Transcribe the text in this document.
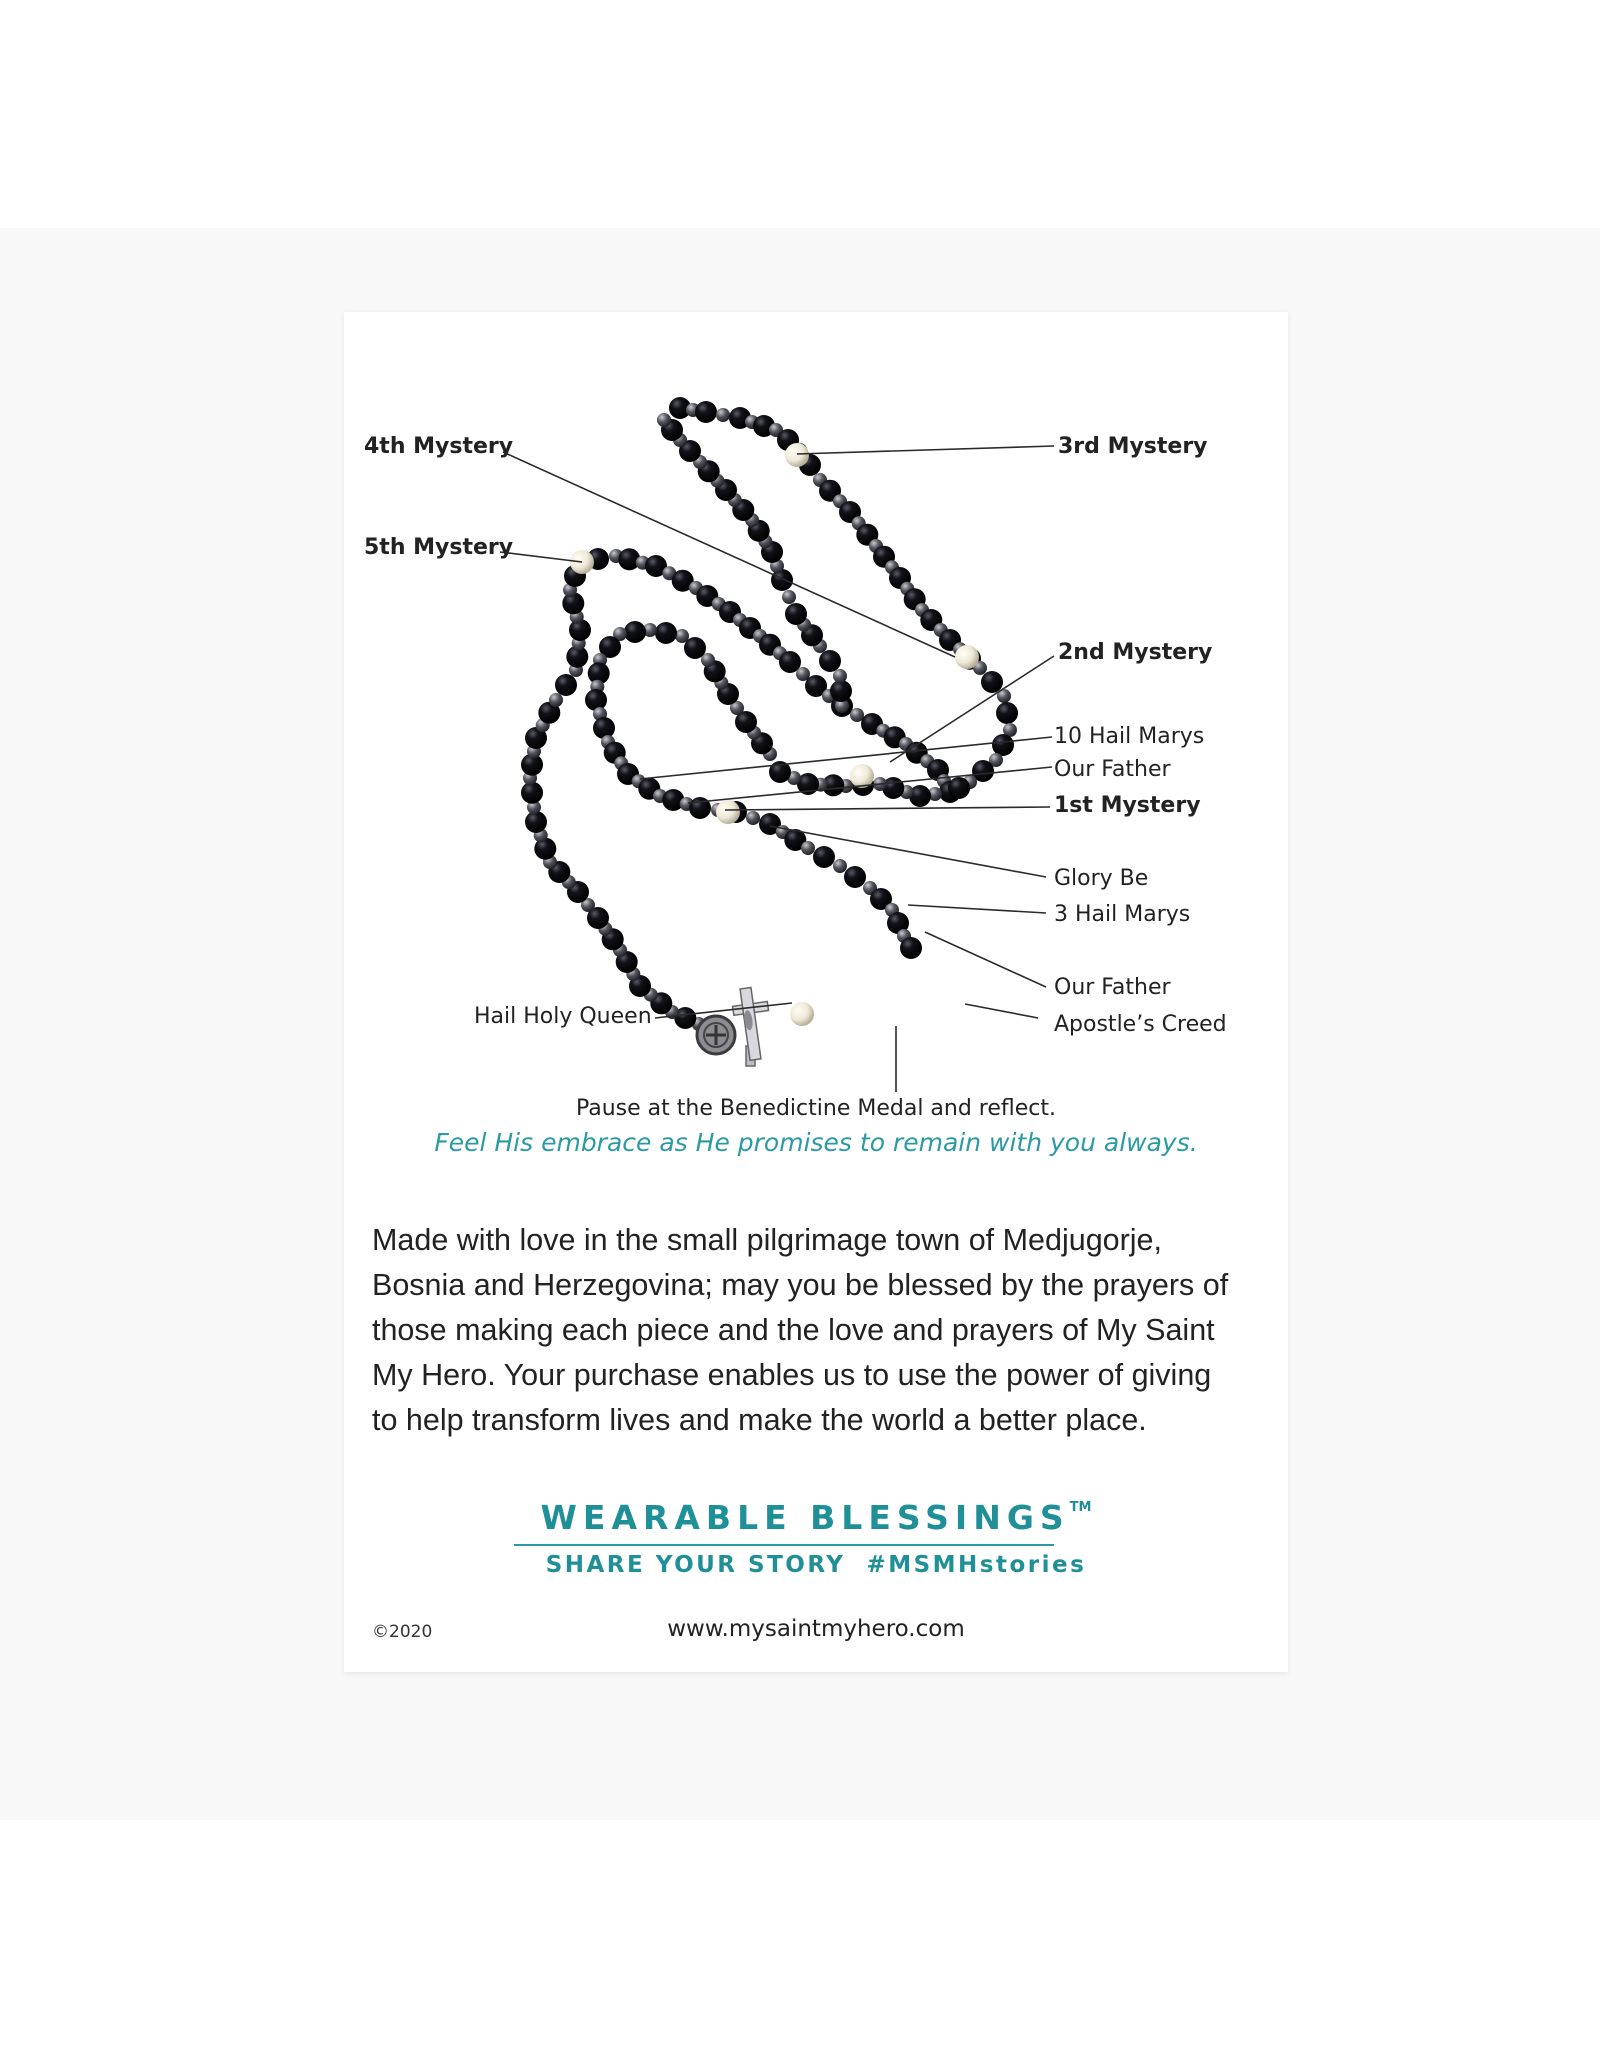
4th Mystery	3rd Mystery
5th Mystery
2nd Mystery
10 Hail Marys
Our Father
1st Mystery
Glory Be
3 Hail Marys
Our Father
Apostle’s Creed
Hail Holy Queen
Pause at the Benedictine Medal and reflect.
Feel His embrace as He promises to remain with you always.
Made with love in the small pilgrimage town of Medjugorje, Bosnia and Herzegovina; may you be blessed by the prayers of those making each piece and the love and prayers of My Saint My Hero. Your purchase enables us to use the power of giving to help transform lives and make the world a better place.
WEARABLE BLESSINGS™
SHARE YOUR STORY  #MSMHstories
©2020	www.mysaintmyhero.com
